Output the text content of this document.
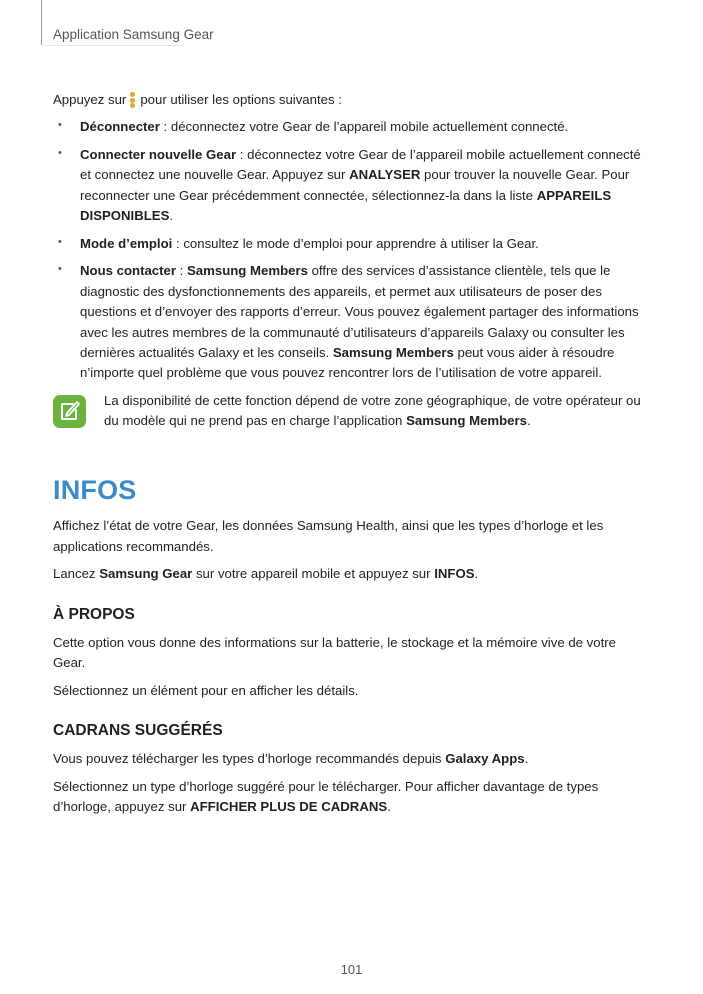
Application Samsung Gear

Appuyez sur pour utiliser les options suivantes :

• Déconnecter : déconnectez votre Gear de l’appareil mobile actuellement connecté.
• Connecter nouvelle Gear : déconnectez votre Gear de l’appareil mobile actuellement connecté et connectez une nouvelle Gear. Appuyez sur ANALYSER pour trouver la nouvelle Gear. Pour reconnecter une Gear précédemment connectée, sélectionnez-la dans la liste APPAREILS DISPONIBLES.
• Mode d’emploi : consultez le mode d’emploi pour apprendre à utiliser la Gear.
• Nous contacter : Samsung Members offre des services d’assistance clientèle, tels que le diagnostic des dysfonctionnements des appareils, et permet aux utilisateurs de poser des questions et d’envoyer des rapports d’erreur. Vous pouvez également partager des informations avec les autres membres de la communauté d’utilisateurs d’appareils Galaxy ou consulter les dernières actualités Galaxy et les conseils. Samsung Members peut vous aider à résoudre n’importe quel problème que vous pouvez rencontrer lors de l’utilisation de votre appareil.
La disponibilité de cette fonction dépend de votre zone géographique, de votre opérateur ou du modèle qui ne prend pas en charge l’application Samsung Members.
INFOS

Affichez l’état de votre Gear, les données Samsung Health, ainsi que les types d’horloge et les applications recommandés.

Lancez Samsung Gear sur votre appareil mobile et appuyez sur INFOS.

À PROPOS

Cette option vous donne des informations sur la batterie, le stockage et la mémoire vive de votre Gear.

Sélectionnez un élément pour en afficher les détails.

CADRANS SUGGÉRÉS

Vous pouvez télécharger les types d’horloge recommandés depuis Galaxy Apps.

Sélectionnez un type d’horloge suggéré pour le télécharger. Pour afficher davantage de types d’horloge, appuyez sur AFFICHER PLUS DE CADRANS.

101
